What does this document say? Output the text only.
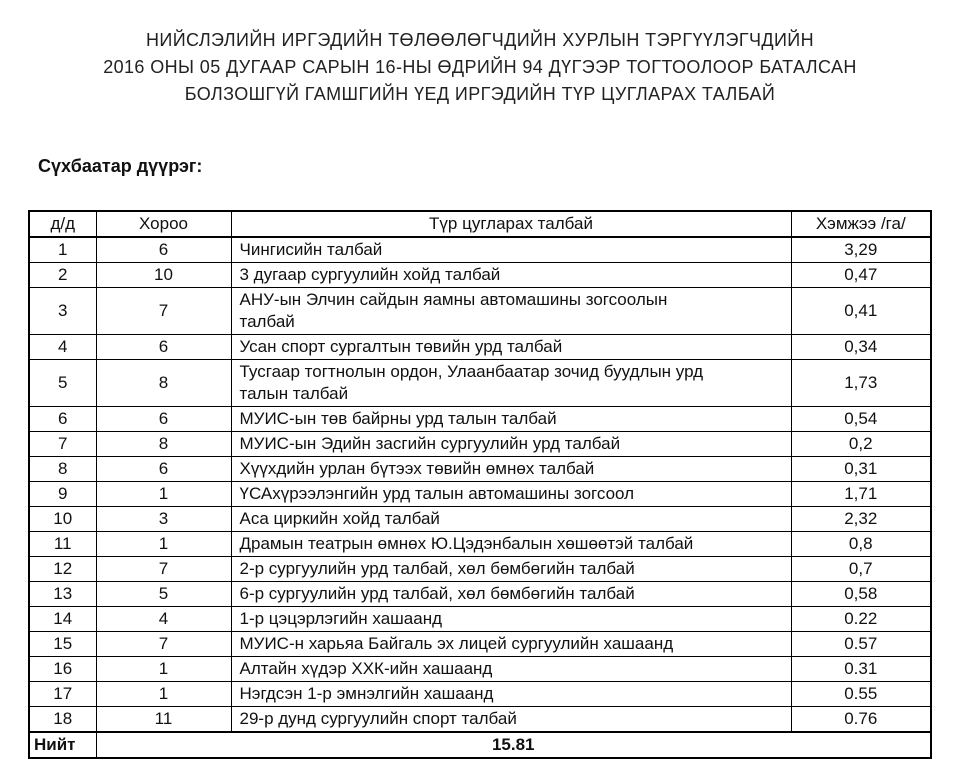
НИЙСЛЭЛИЙН ИРГЭДИЙН ТӨЛӨӨЛӨГЧДИЙН ХУРЛЫН ТЭРГҮҮЛЭГЧДИЙН
2016 ОНЫ 05 ДУГААР САРЫН 16-НЫ ӨДРИЙН 94 ДҮГЭЭР ТОГТООЛООР БАТАЛСАН
БОЛЗОШГҮЙ ГАМШГИЙН ҮЕД ИРГЭДИЙН ТҮР ЦУГЛАРАХ ТАЛБАЙ
Сүхбаатар дүүрэг:
д/д	Хороо	Түр цугларах талбай	Хэмжээ /га/
1	6	Чингисийн талбай	3,29
2	10	3 дугаар сургуулийн хойд талбай	0,47
3	7	АНУ-ын Элчин сайдын яамны автомашины зогсоолын талбай	0,41
4	6	Усан спорт сургалтын төвийн урд талбай	0,34
5	8	Тусгаар тогтнолын ордон, Улаанбаатар зочид буудлын урд талын талбай	1,73
6	6	МУИС-ын төв байрны урд талын талбай	0,54
7	8	МУИС-ын Эдийн засгийн сургуулийн урд талбай	0,2
8	6	Хүүхдийн урлан бүтээх төвийн өмнөх талбай	0,31
9	1	ҮСАхүрээлэнгийн урд талын автомашины зогсоол	1,71
10	3	Аса циркийн хойд талбай	2,32
11	1	Драмын театрын өмнөх Ю.Цэдэнбалын хөшөөтэй талбай	0,8
12	7	2-р сургуулийн урд талбай, хөл бөмбөгийн талбай	0,7
13	5	6-р сургуулийн урд талбай, хөл бөмбөгийн талбай	0,58
14	4	1-р цэцэрлэгийн хашаанд	0.22
15	7	МУИС-н харьяа Байгаль эх лицей сургуулийн хашаанд	0.57
16	1	Алтайн хүдэр ХХК-ийн хашаанд	0.31
17	1	Нэгдсэн 1-р эмнэлгийн хашаанд	0.55
18	11	29-р дунд сургуулийн спорт талбай	0.76
Нийт	15.81		
